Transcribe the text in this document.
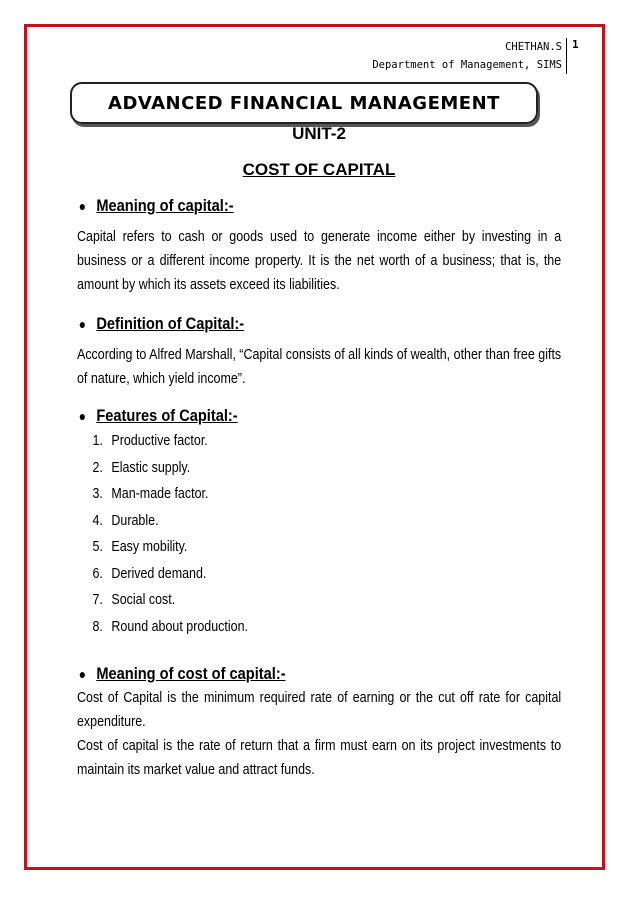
CHETHAN.S
Department of Management, SIMS
1
ADVANCED FINANCIAL MANAGEMENT
UNIT-2
COST OF CAPITAL
● Meaning of capital:-
Capital refers to cash or goods used to generate income either by investing in a business or a different income property. It is the net worth of a business; that is, the amount by which its assets exceed its liabilities.
● Definition of Capital:-
According to Alfred Marshall, “Capital consists of all kinds of wealth, other than free gifts of nature, which yield income”.
● Features of Capital:-
1. Productive factor.
2. Elastic supply.
3. Man-made factor.
4. Durable.
5. Easy mobility.
6. Derived demand.
7. Social cost.
8. Round about production.
● Meaning of cost of capital:-
Cost of Capital is the minimum required rate of earning or the cut off rate for capital expenditure.
Cost of capital is the rate of return that a firm must earn on its project investments to maintain its market value and attract funds.
